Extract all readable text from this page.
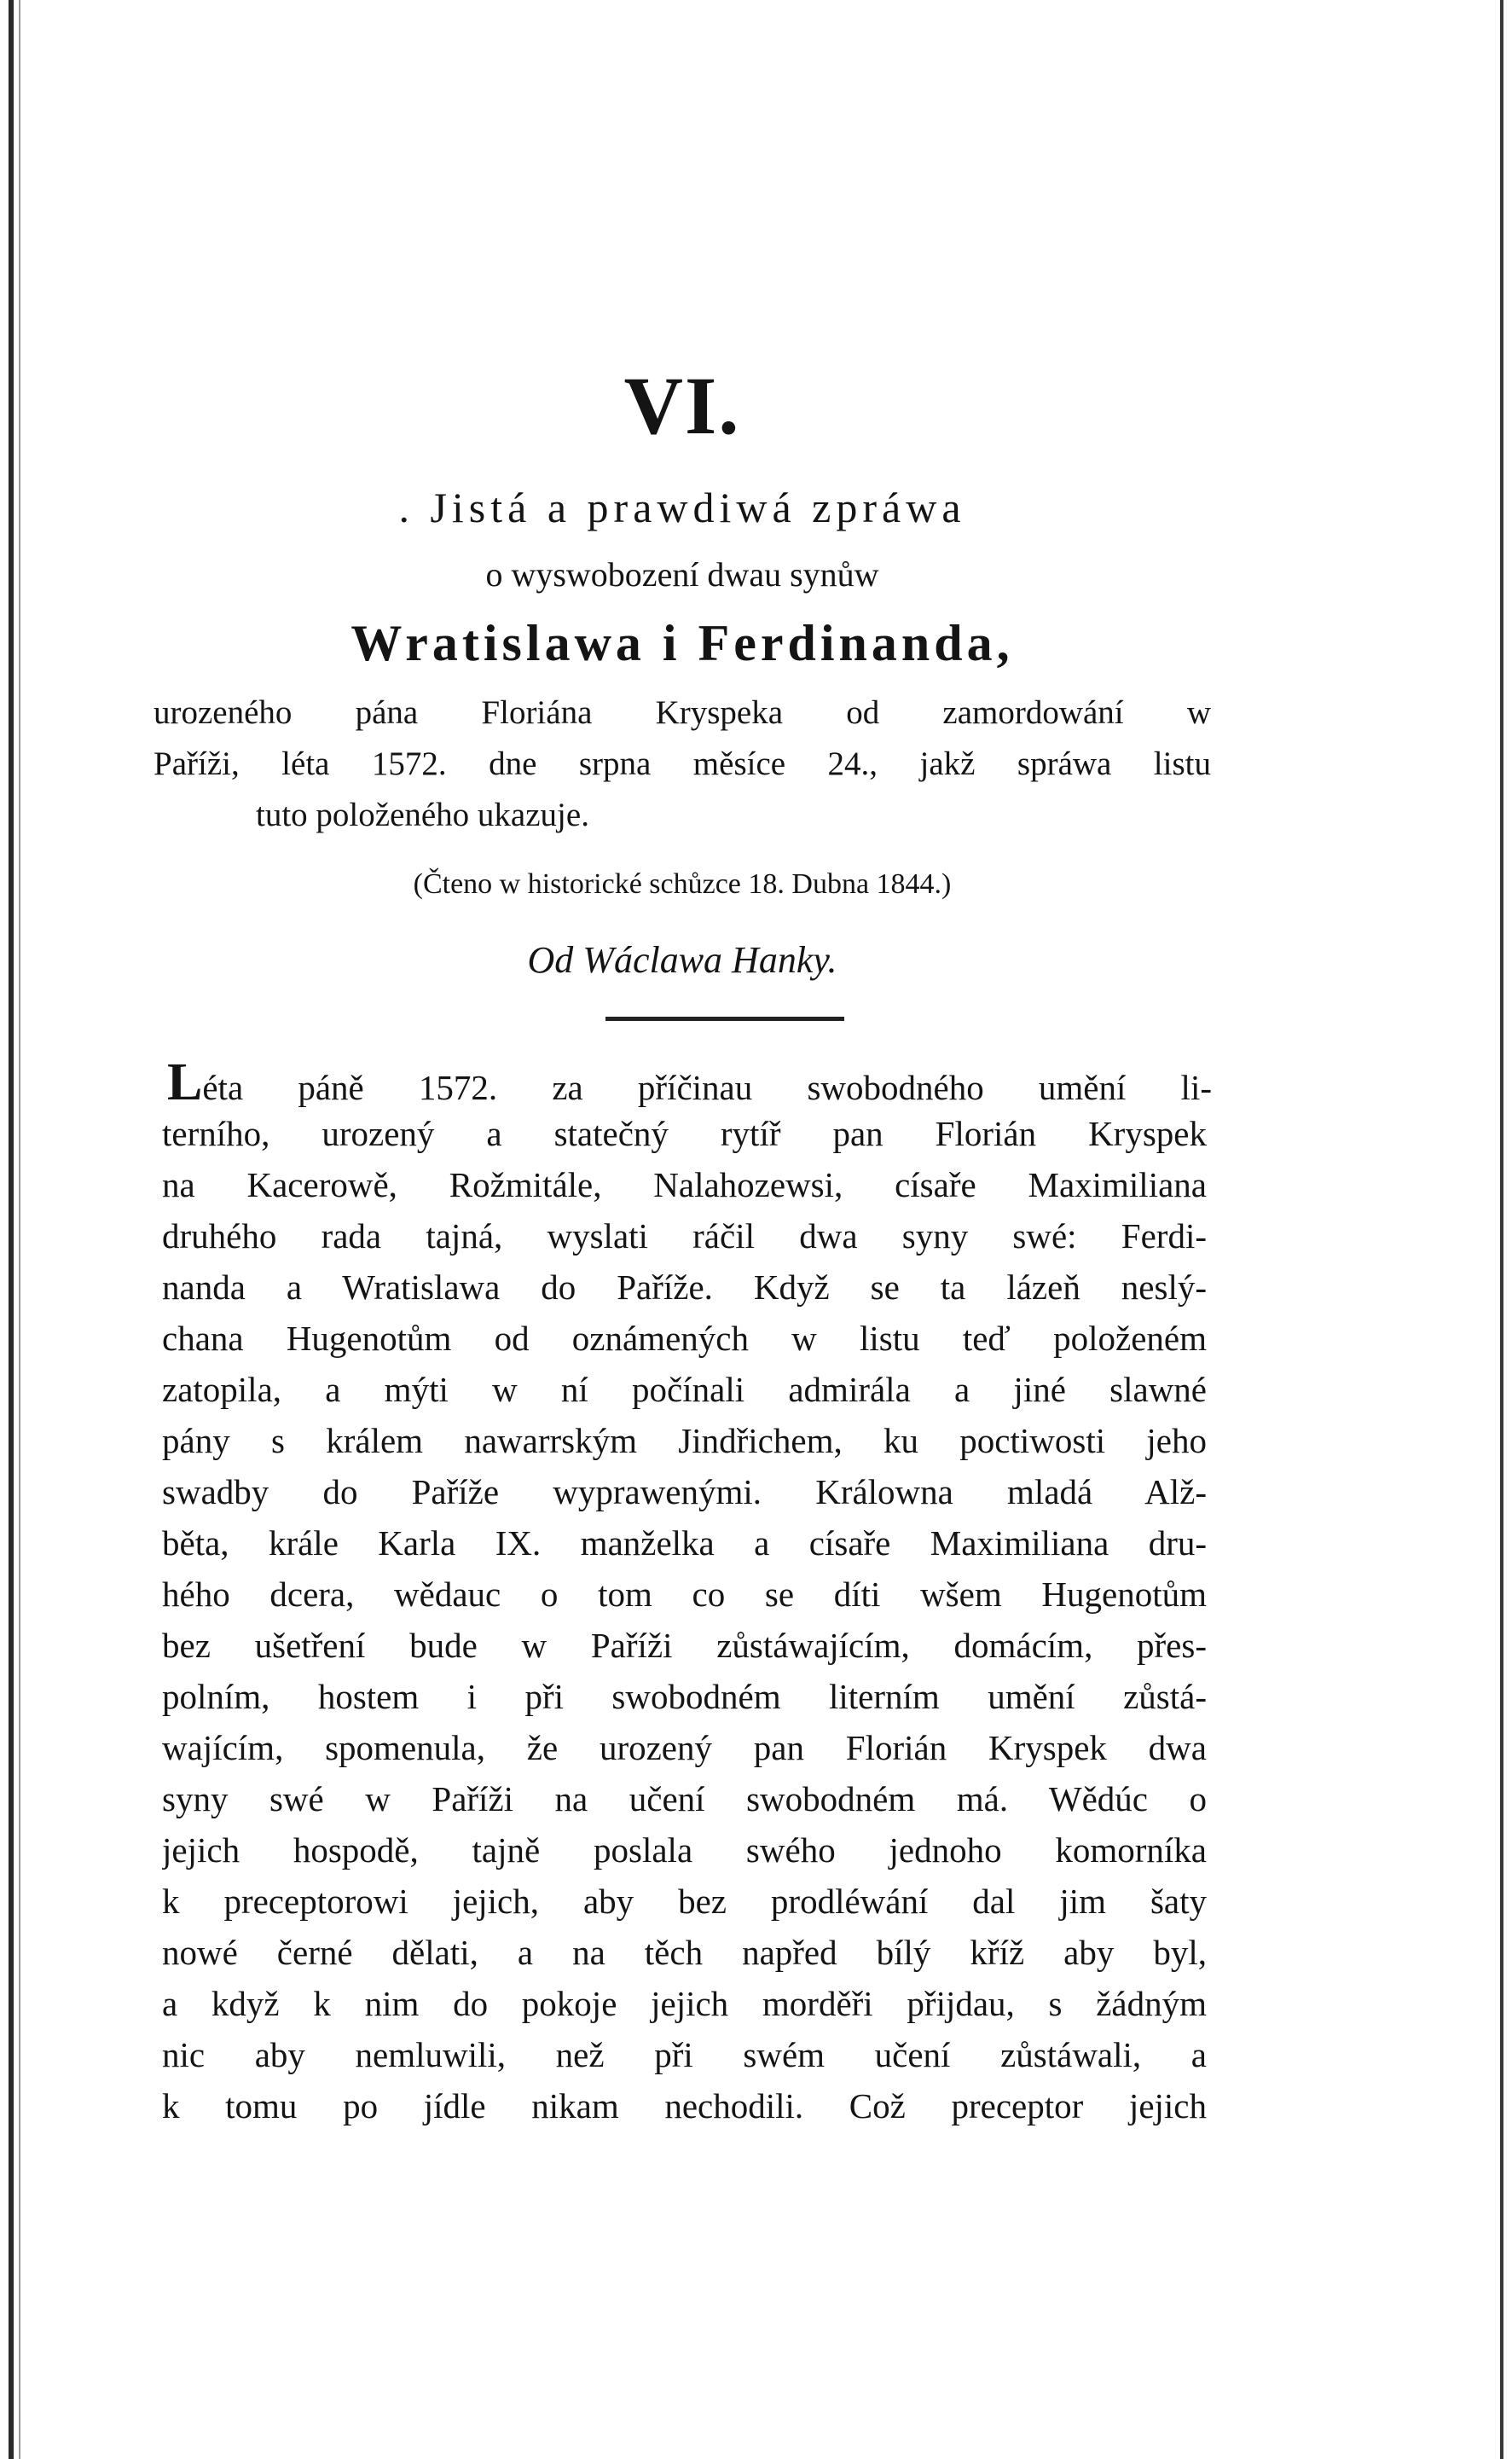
VI.
. Jistá a prawdiwá zpráwa
o wyswobození dwau synůw
Wratislawa i Ferdinanda,
urozeného pána Floriána Kryspeka od zamordowání w
Paříži, léta 1572. dne srpna měsíce 24., jakž spráwa listu
tuto položeného ukazuje.
(Čteno w historické schůzce 18. Dubna 1844.)
Od Wáclawa Hanky.
Léta páně 1572. za příčinau swobodného umění li-
terního, urozený a statečný rytíř pan Florián Kryspek
na Kacerowě, Rožmitále, Nalahozewsi, císaře Maximiliana
druhého rada tajná, wyslati ráčil dwa syny swé: Ferdi-
nanda a Wratislawa do Paříže. Když se ta lázeň neslý-
chana Hugenotům od oznámených w listu teď položeném
zatopila, a mýti w ní počínali admirála a jiné slawné
pány s králem nawarrským Jindřichem, ku poctiwosti jeho
swadby do Paříže wyprawenými. Králowna mladá Alž-
běta, krále Karla IX. manželka a císaře Maximiliana dru-
hého dcera, wědauc o tom co se díti wšem Hugenotům
bez ušetření bude w Paříži zůstáwajícím, domácím, přes-
polním, hostem i při swobodném literním umění zůstá-
wajícím, spomenula, že urozený pan Florián Kryspek dwa
syny swé w Paříži na učení swobodném má. Wědúc o
jejich hospodě, tajně poslala swého jednoho komorníka
k preceptorowi jejich, aby bez prodléwání dal jim šaty
nowé černé dělati, a na těch napřed bílý kříž aby byl,
a když k nim do pokoje jejich morděři přijdau, s žádným
nic aby nemluwili, než při swém učení zůstáwali, a
k tomu po jídle nikam nechodili. Což preceptor jejich
